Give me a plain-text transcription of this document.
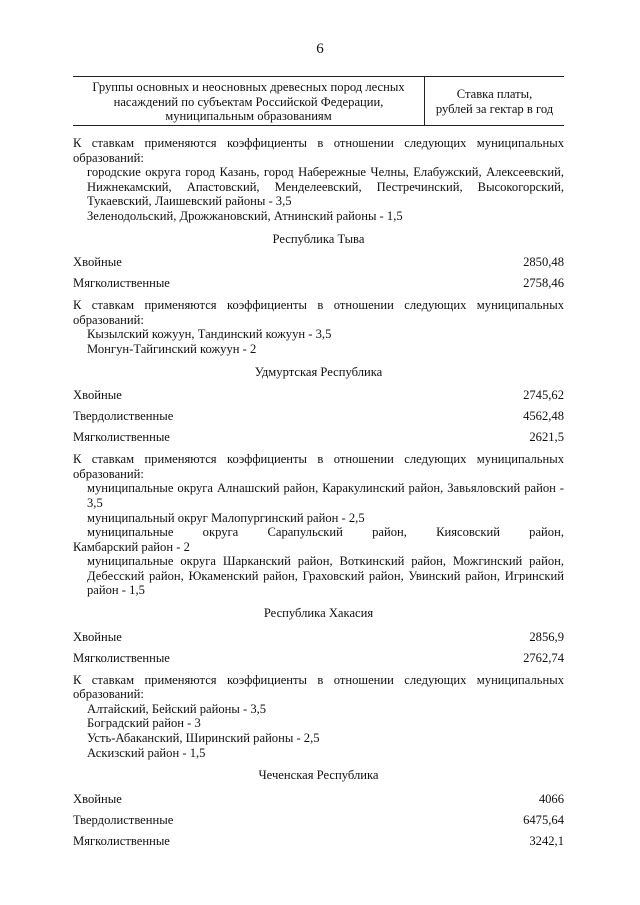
6
Группы основных и неосновных древесных пород лесных насаждений по субъектам Российской Федерации, муниципальным образованиям
Ставка платы,
рублей за гектар в год

К ставкам применяются коэффициенты в отношении следующих муниципальных образований:

городские округа город Казань, город Набережные Челны, Елабужский, Алексеевский, Нижнекамский, Апастовский, Менделеевский, Пестречинский, Высокогорский, Тукаевский, Лаишевский районы - 3,5

Зеленодольский, Дрожжановский, Атнинский районы - 1,5

Республика Тыва
Хвойные	2850,48
Мягколиственные	2758,46

К ставкам применяются коэффициенты в отношении следующих муниципальных образований:

Кызылский кожуун, Тандинский кожуун - 3,5

Монгун-Тайгинский кожуун - 2

Удмуртская Республика
Хвойные	2745,62
Твердолиственные	4562,48
Мягколиственные	2621,5

К ставкам применяются коэффициенты в отношении следующих муниципальных образований:

муниципальные округа Алнашский район, Каракулинский район, Завьяловский район - 3,5

муниципальный округ Малопургинский район - 2,5

муниципальные округа Сарапульский район, Киясовский район,

Камбарский район - 2

муниципальные округа Шарканский район, Воткинский район, Можгинский район, Дебесский район, Юкаменский район, Граховский район, Увинский район, Игринский район - 1,5

Республика Хакасия
Хвойные	2856,9
Мягколиственные	2762,74

К ставкам применяются коэффициенты в отношении следующих муниципальных образований:

Алтайский, Бейский районы - 3,5

Боградский район - 3

Усть-Абаканский, Ширинский районы - 2,5

Аскизский район - 1,5

Чеченская Республика
Хвойные	4066
Твердолиственные	6475,64
Мягколиственные	3242,1
